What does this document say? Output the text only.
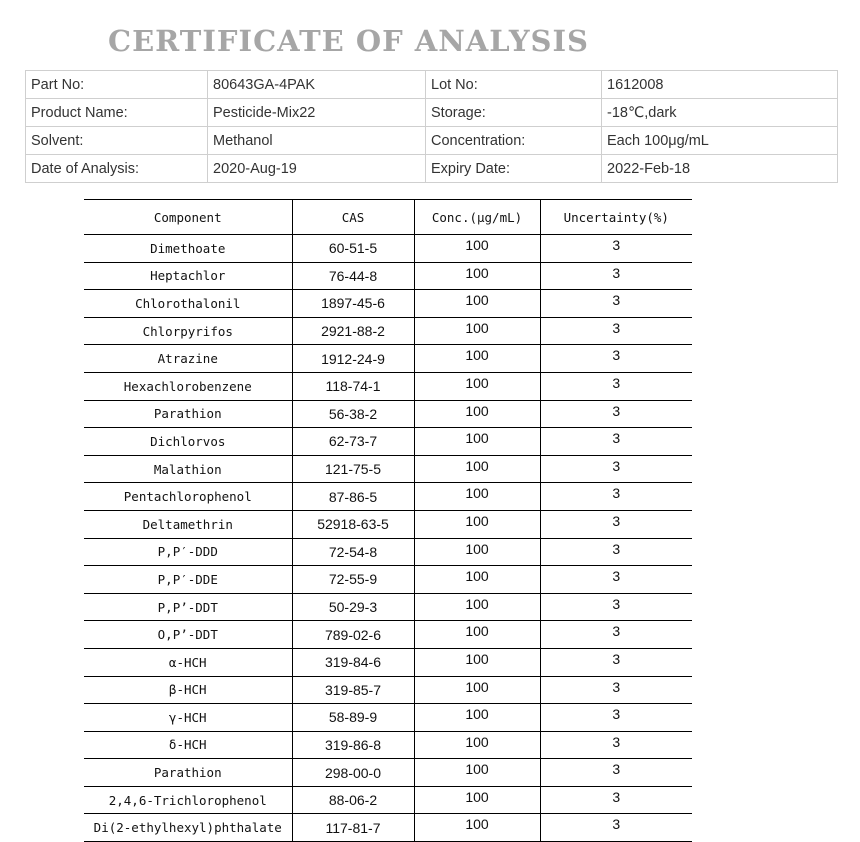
CERTIFICATE OF ANALYSIS
Part No:	80643GA-4PAK	Lot No:	1612008
Product Name:	Pesticide-Mix22	Storage:	-18℃,dark
Solvent:	Methanol	Concentration:	Each 100μg/mL
Date of Analysis:	2020-Aug-19	Expiry Date:	2022-Feb-18
Component	CAS	Conc.(μg/mL)	Uncertainty(%)
Dimethoate	60-51-5	100	3
Heptachlor	76-44-8	100	3
Chlorothalonil	1897-45-6	100	3
Chlorpyrifos	2921-88-2	100	3
Atrazine	1912-24-9	100	3
Hexachlorobenzene	118-74-1	100	3
Parathion	56-38-2	100	3
Dichlorvos	62-73-7	100	3
Malathion	121-75-5	100	3
Pentachlorophenol	87-86-5	100	3
Deltamethrin	52918-63-5	100	3
P,P′-DDD	72-54-8	100	3
P,P′-DDE	72-55-9	100	3
P,P’-DDT	50-29-3	100	3
O,P’-DDT	789-02-6	100	3
α-HCH	319-84-6	100	3
β-HCH	319-85-7	100	3
γ-HCH	58-89-9	100	3
δ-HCH	319-86-8	100	3
Parathion	298-00-0	100	3
2,4,6-Trichlorophenol	88-06-2	100	3
Di(2-ethylhexyl)phthalate	117-81-7	100	3
